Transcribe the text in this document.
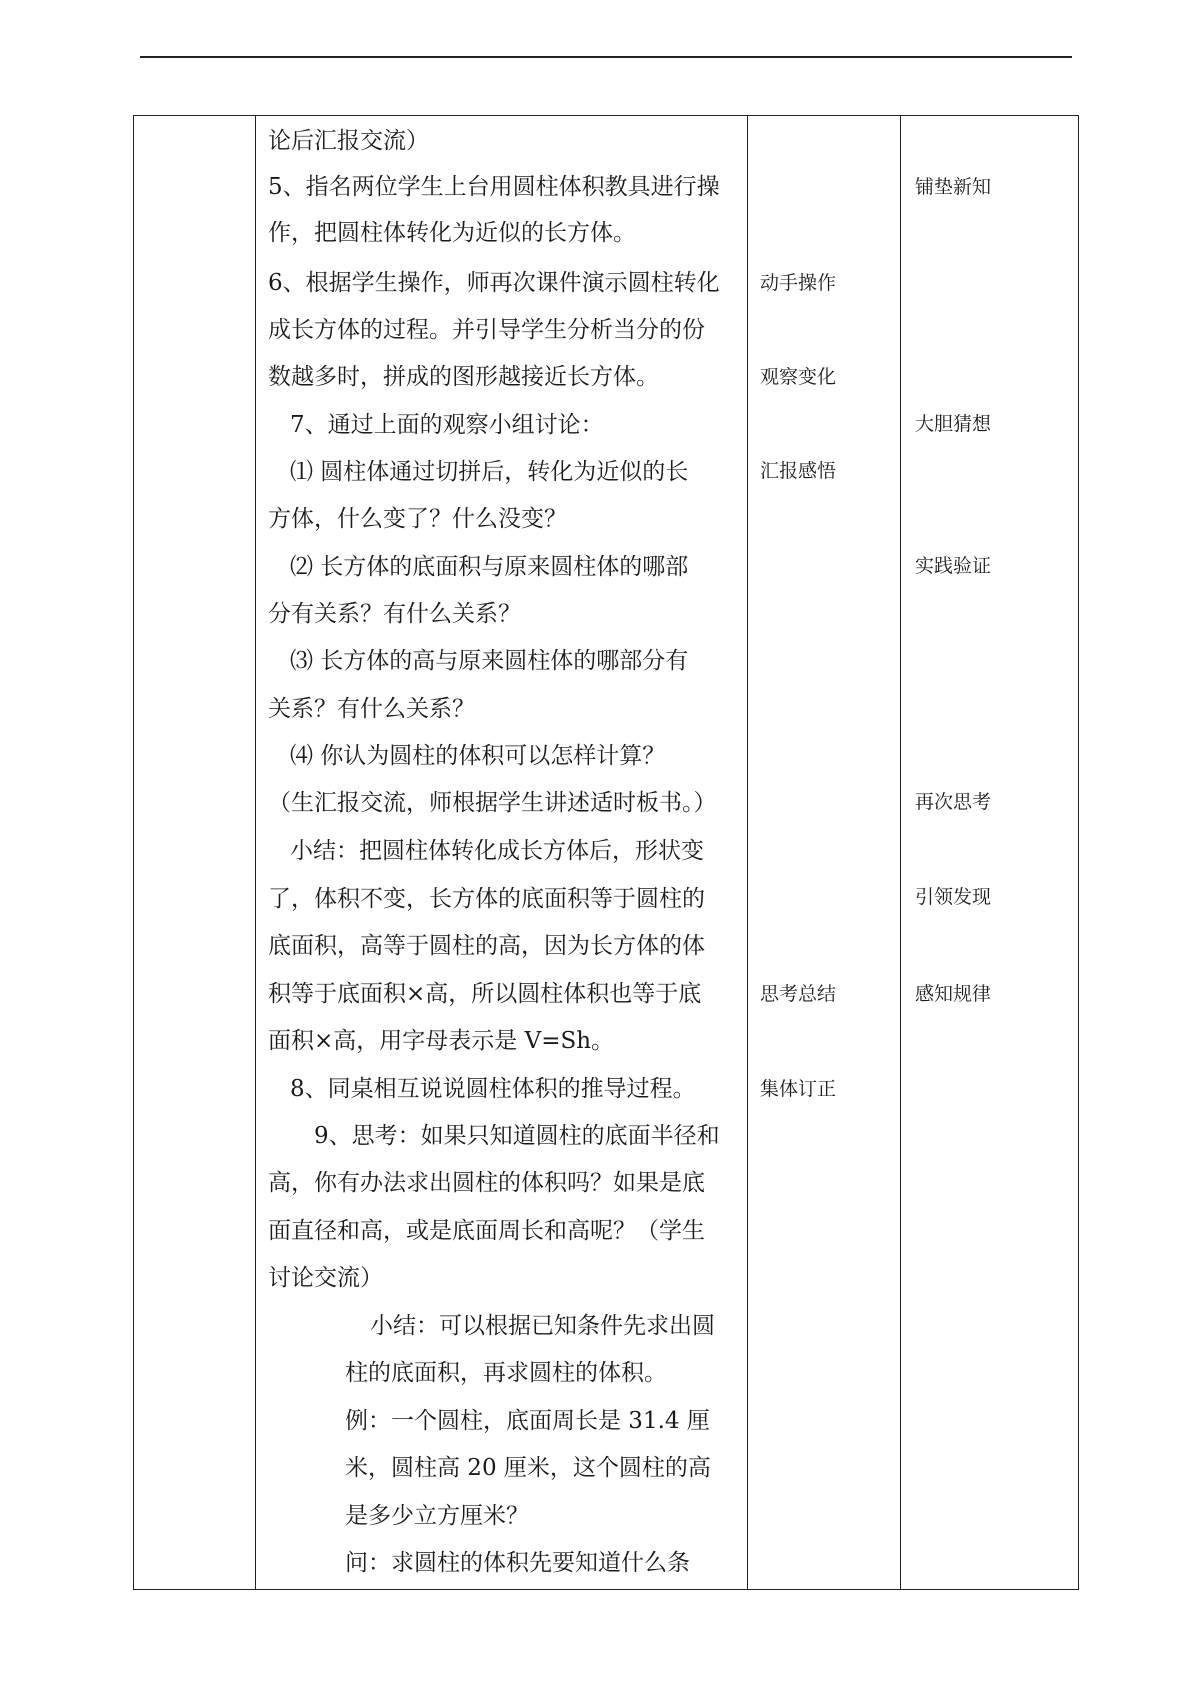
论后汇报交流）
5、指名两位学生上台用圆柱体积教具进行操
作，把圆柱体转化为近似的长方体。
6、根据学生操作，师再次课件演示圆柱转化
成长方体的过程。并引导学生分析当分的份
数越多时，拼成的图形越接近长方体。
7、通过上面的观察小组讨论：
⑴ 圆柱体通过切拼后，转化为近似的长
方体，什么变了？什么没变？
⑵ 长方体的底面积与原来圆柱体的哪部
分有关系？有什么关系？
⑶ 长方体的高与原来圆柱体的哪部分有
关系？有什么关系？
⑷ 你认为圆柱的体积可以怎样计算？
（生汇报交流，师根据学生讲述适时板书。）
小结：把圆柱体转化成长方体后，形状变
了，体积不变，长方体的底面积等于圆柱的
底面积，高等于圆柱的高，因为长方体的体
积等于底面积×高，所以圆柱体积也等于底
面积×高，用字母表示是 V=Sh。
8、同桌相互说说圆柱体积的推导过程。
9、思考：如果只知道圆柱的底面半径和
高，你有办法求出圆柱的体积吗？如果是底
面直径和高，或是底面周长和高呢？（学生
讨论交流）
小结：可以根据已知条件先求出圆
柱的底面积，再求圆柱的体积。
例：一个圆柱，底面周长是 31.4 厘
米，圆柱高 20 厘米，这个圆柱的高
是多少立方厘米？
问：求圆柱的体积先要知道什么条
动手操作
观察变化
汇报感悟
思考总结
集体订正
铺垫新知
大胆猜想
实践验证
再次思考
引领发现
感知规律
